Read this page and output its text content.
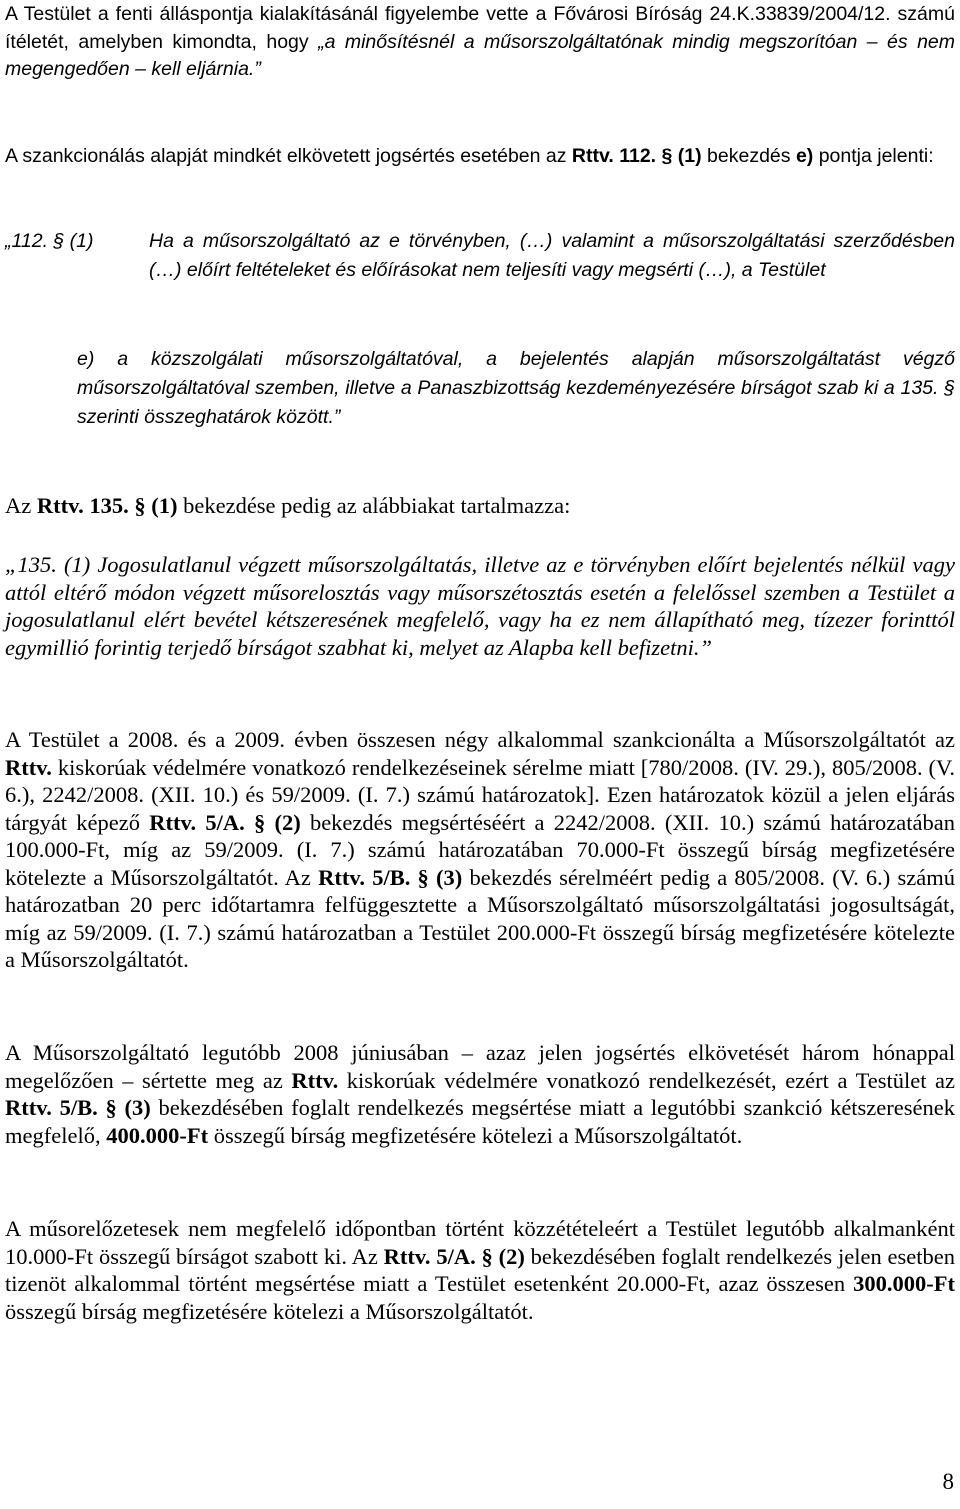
A Testület a fenti álláspontja kialakításánál figyelembe vette a Fővárosi Bíróság 24.K.33839/2004/12. számú ítéletét, amelyben kimondta, hogy „a minősítésnél a műsorszolgáltatónak mindig megszorítóan – és nem megengedően – kell eljárnia.”

A szankcionálás alapját mindkét elkövetett jogsértés esetében az Rttv. 112. § (1) bekezdés e) pontja jelenti:

„112. § (1)	Ha a műsorszolgáltató az e törvényben, (…) valamint a műsorszolgáltatási szerződésben (…) előírt feltételeket és előírásokat nem teljesíti vagy megsérti (…), a Testület

e) a közszolgálati műsorszolgáltatóval, a bejelentés alapján műsorszolgáltatást végző műsorszolgáltatóval szemben, illetve a Panaszbizottság kezdeményezésére bírságot szab ki a 135. § szerinti összeghatárok között.”

Az Rttv. 135. § (1) bekezdése pedig az alábbiakat tartalmazza:

„135. (1) Jogosulatlanul végzett műsorszolgáltatás, illetve az e törvényben előírt bejelentés nélkül vagy attól eltérő módon végzett műsorelosztás vagy műsorszétosztás esetén a felelőssel szemben a Testület a jogosulatlanul elért bevétel kétszeresének megfelelő, vagy ha ez nem állapítható meg, tízezer forinttól egymillió forintig terjedő bírságot szabhat ki, melyet az Alapba kell befizetni.”

A Testület a 2008. és a 2009. évben összesen négy alkalommal szankcionálta a Műsorszolgáltatót az Rttv. kiskorúak védelmére vonatkozó rendelkezéseinek sérelme miatt [780/2008. (IV. 29.), 805/2008. (V. 6.), 2242/2008. (XII. 10.) és 59/2009. (I. 7.) számú határozatok]. Ezen határozatok közül a jelen eljárás tárgyát képező Rttv. 5/A. § (2) bekezdés megsértéséért a 2242/2008. (XII. 10.) számú határozatában 100.000-Ft, míg az 59/2009. (I. 7.) számú határozatában 70.000-Ft összegű bírság megfizetésére kötelezte a Műsorszolgáltatót. Az Rttv. 5/B. § (3) bekezdés sérelméért pedig a 805/2008. (V. 6.) számú határozatban 20 perc időtartamra felfüggesztette a Műsorszolgáltató műsorszolgáltatási jogosultságát, míg az 59/2009. (I. 7.) számú határozatban a Testület 200.000-Ft összegű bírság megfizetésére kötelezte a Műsorszolgáltatót.

A Műsorszolgáltató legutóbb 2008 júniusában – azaz jelen jogsértés elkövetését három hónappal megelőzően – sértette meg az Rttv. kiskorúak védelmére vonatkozó rendelkezését, ezért a Testület az Rttv. 5/B. § (3) bekezdésében foglalt rendelkezés megsértése miatt a legutóbbi szankció kétszeresének megfelelő, 400.000-Ft összegű bírság megfizetésére kötelezi a Műsorszolgáltatót.

A műsorelőzetesek nem megfelelő időpontban történt közzétételeért a Testület legutóbb alkalmanként 10.000-Ft összegű bírságot szabott ki. Az Rttv. 5/A. § (2) bekezdésében foglalt rendelkezés jelen esetben tizenöt alkalommal történt megsértése miatt a Testület esetenként 20.000-Ft, azaz összesen 300.000-Ft összegű bírság megfizetésére kötelezi a Műsorszolgáltatót.

8
